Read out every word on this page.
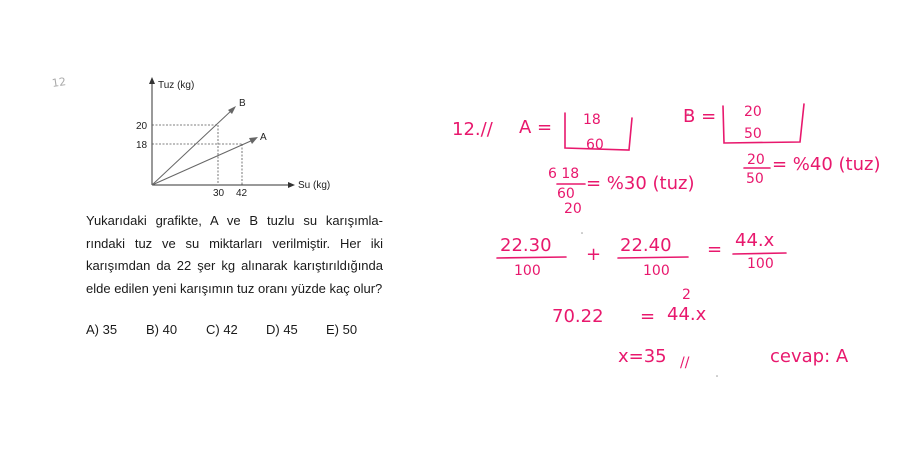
12	Tuz (kg)
Su (kg)
20
18
30 42
B
A
Yukarıdaki grafikte, A ve B tuzlu su karışımla-rındaki tuz ve su miktarları verilmiştir. Her iki karışımdan da 22 şer kg alınarak karıştırıldığında elde edilen yeni karışımın tuz oranı yüzde kaç olur?
A) 35	B) 40	C) 42	D) 45	E) 50
12.// A = 18
60
B = 20
50
6 18
60
20
= %30 (tuz)
20
50
= %40 (tuz)
22.30
100
+ 22.40
100
= 44.x
100
70.22 = 44.x
2
x=35 //	cevap: A
